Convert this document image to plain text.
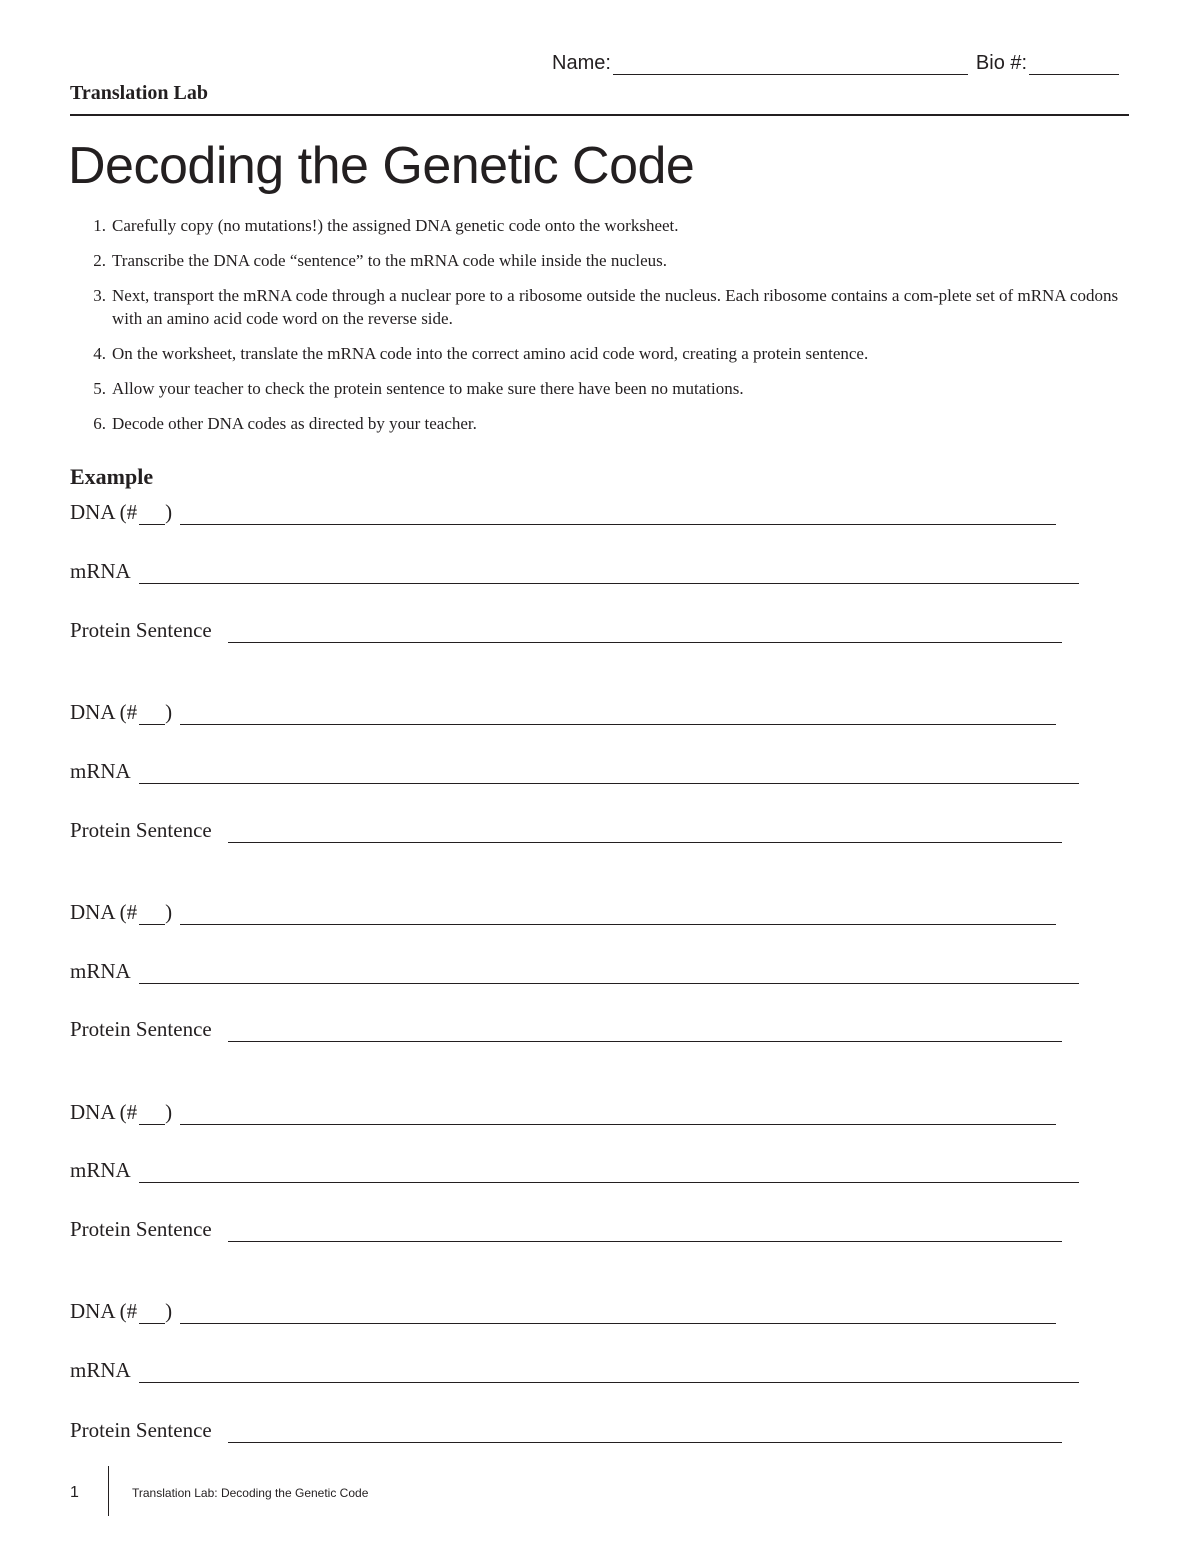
Name:	Bio #:
Translation Lab
Decoding the Genetic Code
1. Carefully copy (no mutations!) the assigned DNA genetic code onto the worksheet.
2. Transcribe the DNA code “sentence” to the mRNA code while inside the nucleus.
3. Next, transport the mRNA code through a nuclear pore to a ribosome outside the nucleus. Each ribosome contains a com-plete set of mRNA codons with an amino acid code word on the reverse side.
4. On the worksheet, translate the mRNA code into the correct amino acid code word, creating a protein sentence.
5. Allow your teacher to check the protein sentence to make sure there have been no mutations.
6. Decode other DNA codes as directed by your teacher.
Example
DNA (# )
mRNA
Protein Sentence
DNA (# )
mRNA
Protein Sentence
DNA (# )
mRNA
Protein Sentence
DNA (# )
mRNA
Protein Sentence
DNA (# )
mRNA
Protein Sentence
1	Translation Lab: Decoding the Genetic Code
